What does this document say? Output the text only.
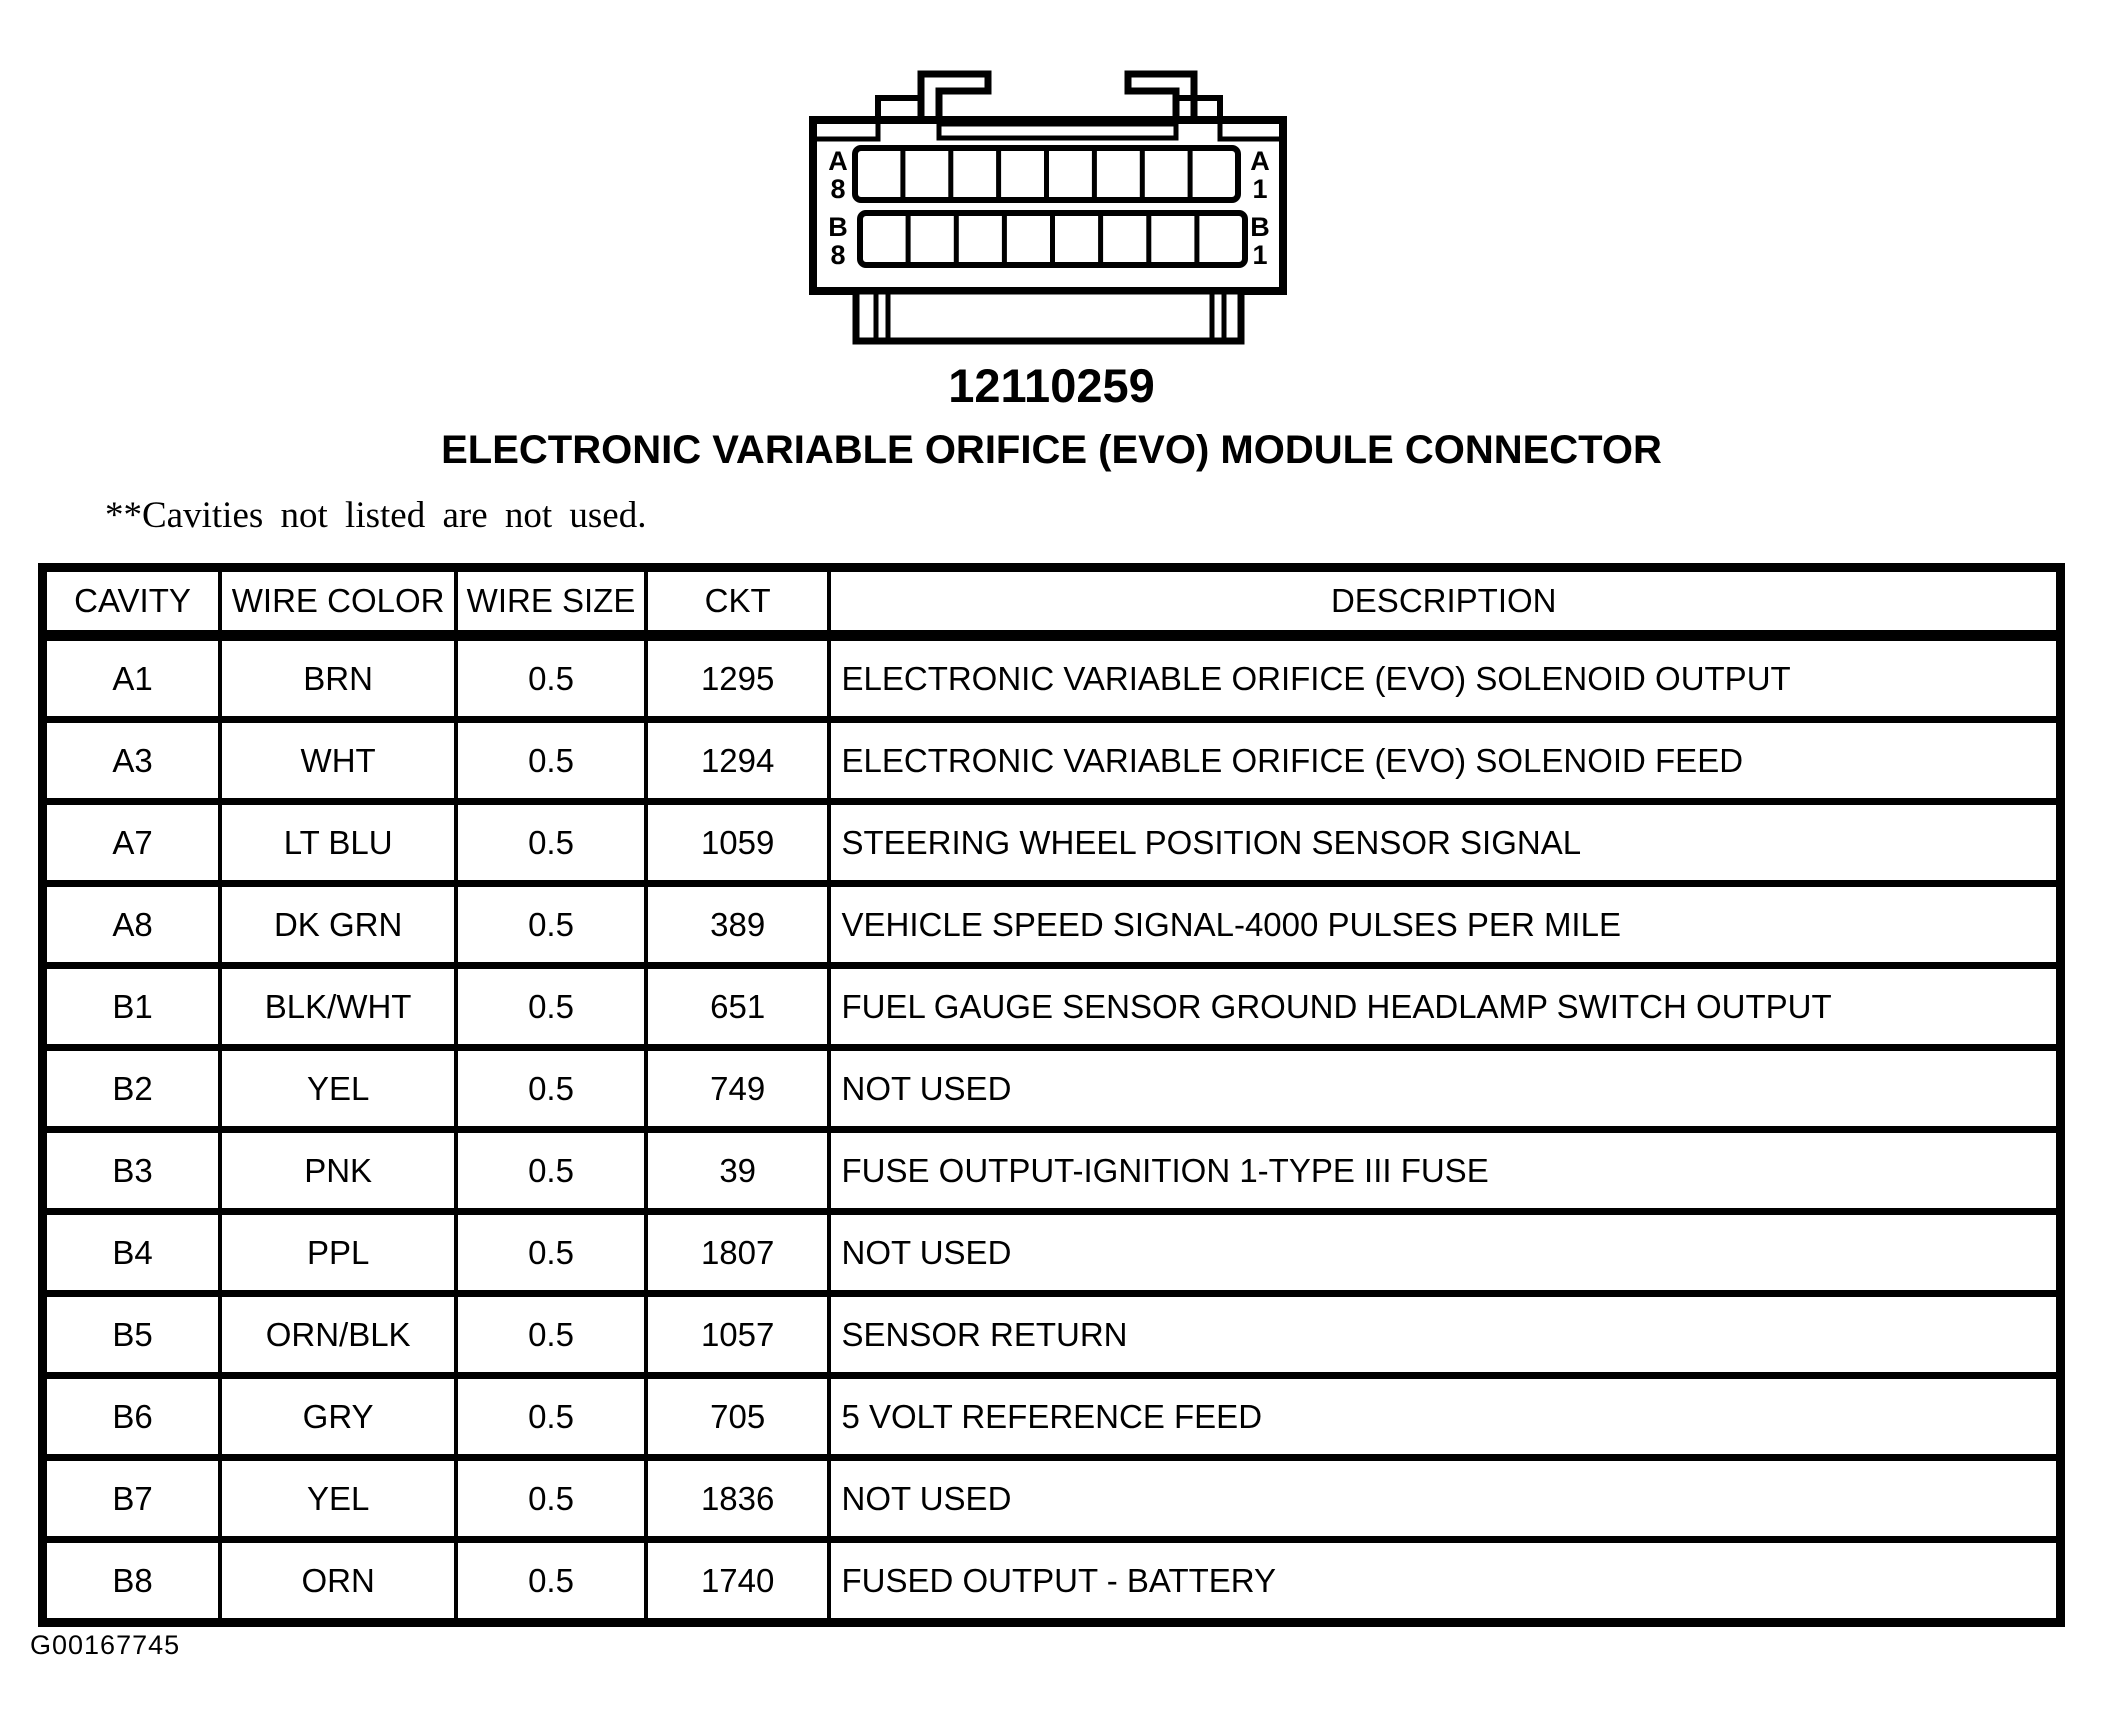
A
8
A
1
B
8
B
1
12110259
ELECTRONIC VARIABLE ORIFICE (EVO) MODULE CONNECTOR
**Cavities not listed are not used.
CAVITY	WIRE COLOR	WIRE SIZE	CKT	DESCRIPTION
A1	BRN	0.5	1295	ELECTRONIC VARIABLE ORIFICE (EVO) SOLENOID OUTPUT
A3	WHT	0.5	1294	ELECTRONIC VARIABLE ORIFICE (EVO) SOLENOID FEED
A7	LT BLU	0.5	1059	STEERING WHEEL POSITION SENSOR SIGNAL
A8	DK GRN	0.5	389	VEHICLE SPEED SIGNAL-4000 PULSES PER MILE
B1	BLK/WHT	0.5	651	FUEL GAUGE SENSOR GROUND HEADLAMP SWITCH OUTPUT
B2	YEL	0.5	749	NOT USED
B3	PNK	0.5	39	FUSE OUTPUT-IGNITION 1-TYPE III FUSE
B4	PPL	0.5	1807	NOT USED
B5	ORN/BLK	0.5	1057	SENSOR RETURN
B6	GRY	0.5	705	5 VOLT REFERENCE FEED
B7	YEL	0.5	1836	NOT USED
B8	ORN	0.5	1740	FUSED OUTPUT - BATTERY
G00167745
